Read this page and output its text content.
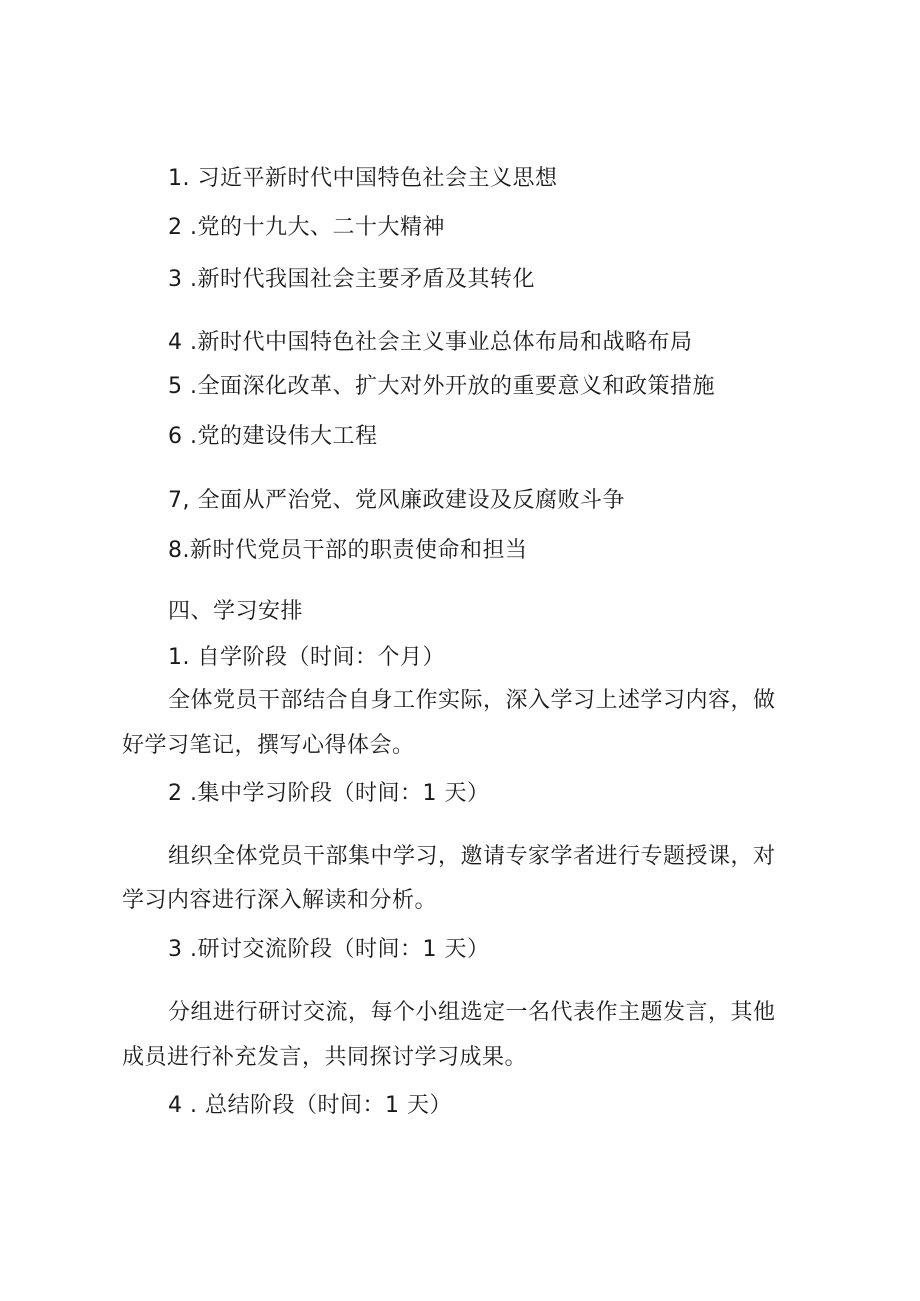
1. 习近平新时代中国特色社会主义思想

2 .党的十九大、二十大精神

3 .新时代我国社会主要矛盾及其转化

4 .新时代中国特色社会主义事业总体布局和战略布局

5 .全面深化改革、扩大对外开放的重要意义和政策措施

6 .党的建设伟大工程

7, 全面从严治党、党风廉政建设及反腐败斗争

8.新时代党员干部的职责使命和担当

四、学习安排

1. 自学阶段（时间：个月）

全体党员干部结合自身工作实际，深入学习上述学习内容，做

好学习笔记，撰写心得体会。

2 .集中学习阶段（时间：1 天）

组织全体党员干部集中学习，邀请专家学者进行专题授课，对

学习内容进行深入解读和分析。

3 .研讨交流阶段（时间：1 天）

分组进行研讨交流，每个小组选定一名代表作主题发言，其他

成员进行补充发言，共同探讨学习成果。

4 . 总结阶段（时间：1 天）
